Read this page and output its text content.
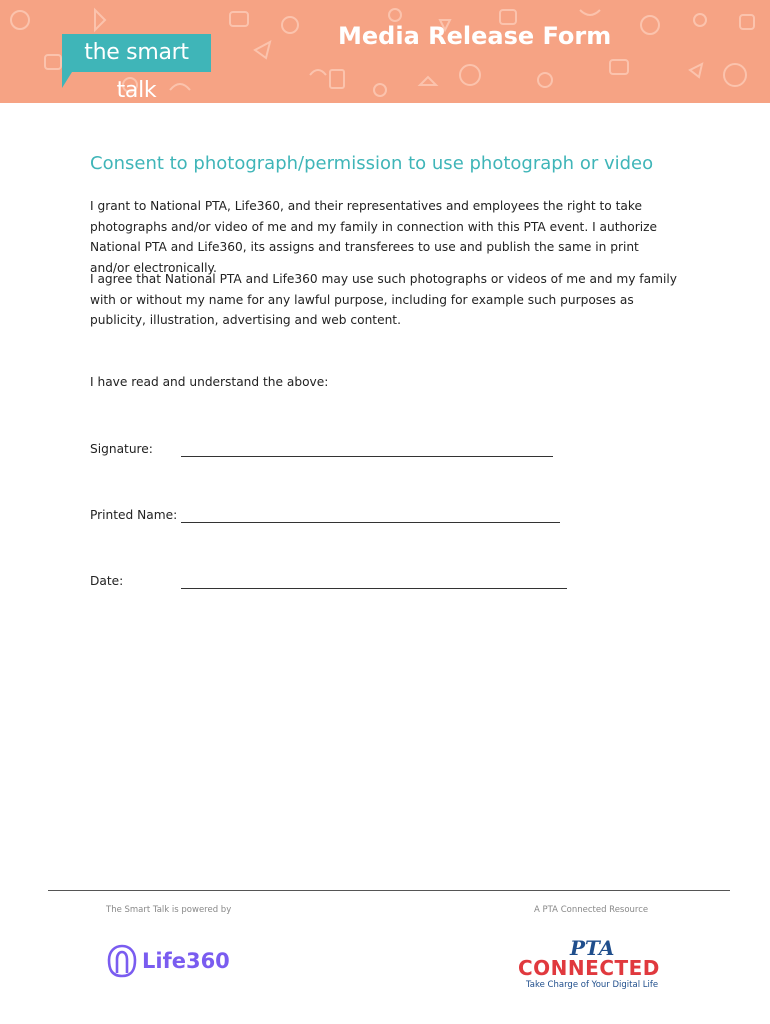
the smart talk
Media Release Form
Consent to photograph/permission to use photograph or video
I grant to National PTA, Life360, and their representatives and employees the right to take photographs and/or video of me and my family in connection with this PTA event. I authorize National PTA and Life360, its assigns and transferees to use and publish the same in print and/or electronically.
I agree that National PTA and Life360 may use such photographs or videos of me and my family with or without my name for any lawful purpose, including for example such purposes as publicity, illustration, advertising and web content.
I have read and understand the above:
Signature:
Printed Name:
Date:
The Smart Talk is powered by	A PTA Connected Resource
Life360
PTA
CONNECTED
Take Charge of Your Digital Life
